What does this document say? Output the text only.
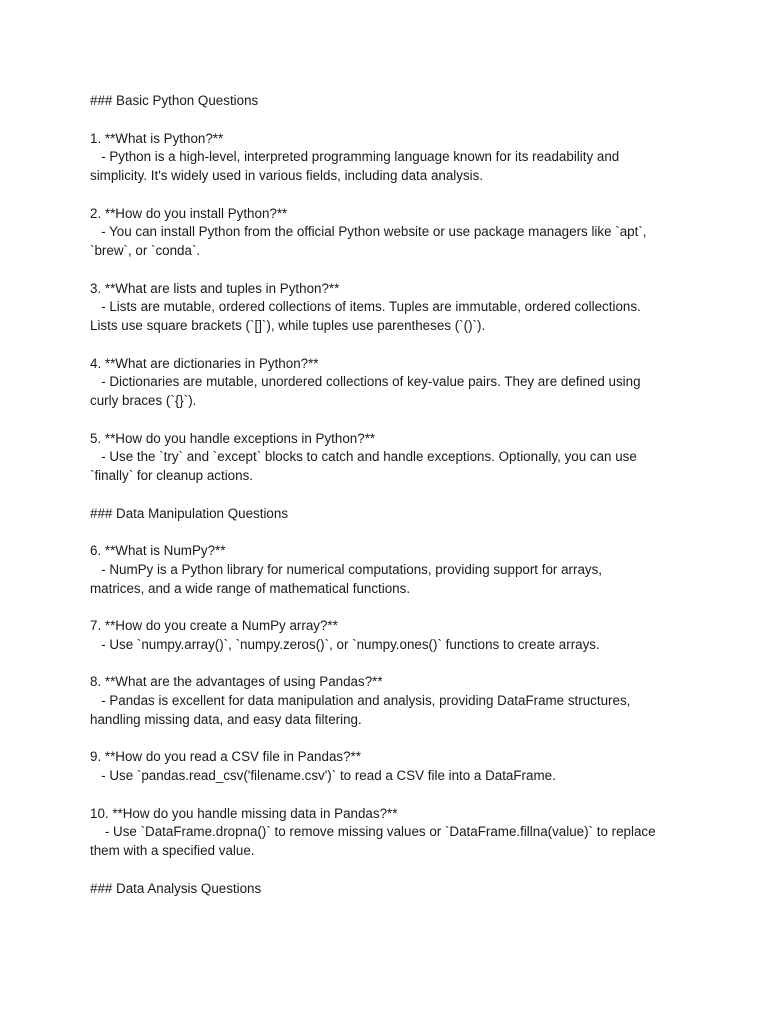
### Basic Python Questions
1. **What is Python?**
- Python is a high-level, interpreted programming language known for its readability and
simplicity. It's widely used in various fields, including data analysis.
2. **How do you install Python?**
- You can install Python from the official Python website or use package managers like `apt`,
`brew`, or `conda`.
3. **What are lists and tuples in Python?**
- Lists are mutable, ordered collections of items. Tuples are immutable, ordered collections.
Lists use square brackets (`[]`), while tuples use parentheses (`()`).
4. **What are dictionaries in Python?**
- Dictionaries are mutable, unordered collections of key-value pairs. They are defined using
curly braces (`{}`).
5. **How do you handle exceptions in Python?**
- Use the `try` and `except` blocks to catch and handle exceptions. Optionally, you can use
`finally` for cleanup actions.
### Data Manipulation Questions
6. **What is NumPy?**
- NumPy is a Python library for numerical computations, providing support for arrays,
matrices, and a wide range of mathematical functions.
7. **How do you create a NumPy array?**
- Use `numpy.array()`, `numpy.zeros()`, or `numpy.ones()` functions to create arrays.
8. **What are the advantages of using Pandas?**
- Pandas is excellent for data manipulation and analysis, providing DataFrame structures,
handling missing data, and easy data filtering.
9. **How do you read a CSV file in Pandas?**
- Use `pandas.read_csv('filename.csv')` to read a CSV file into a DataFrame.
10. **How do you handle missing data in Pandas?**
- Use `DataFrame.dropna()` to remove missing values or `DataFrame.fillna(value)` to replace
them with a specified value.
### Data Analysis Questions
